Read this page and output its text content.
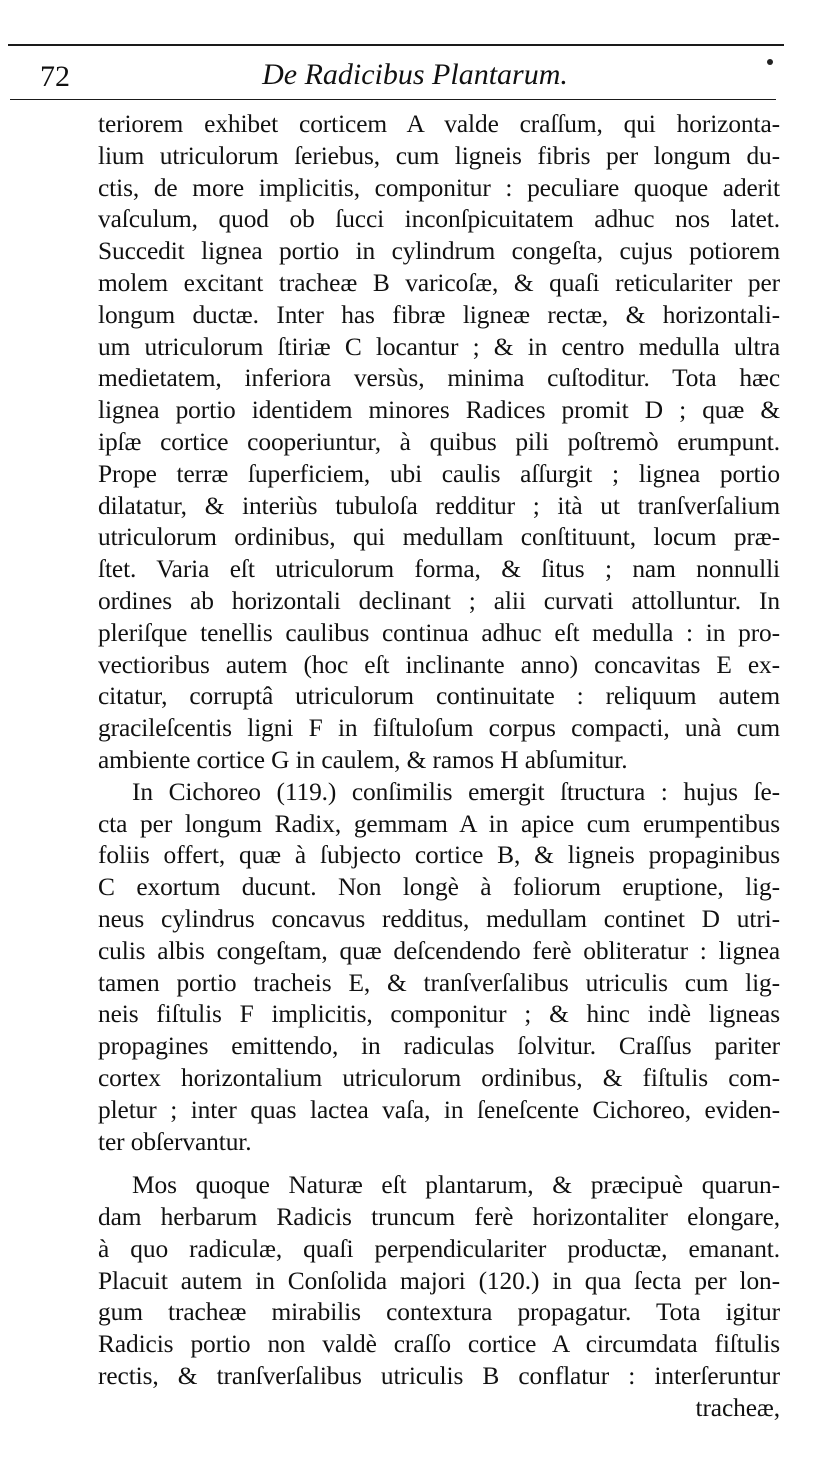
72	De Radicibus Plantarum.
teriorem exhibet corticem A valde craſſum, qui horizonta-
lium utriculorum ſeriebus, cum ligneis fibris per longum du-
ctis, de more implicitis, componitur : peculiare quoque aderit
vaſculum, quod ob ſucci inconſpicuitatem adhuc nos latet.
Succedit lignea portio in cylindrum congeſta, cujus potiorem
molem excitant tracheæ B varicoſæ, & quaſi reticulariter per
longum ductæ. Inter has fibræ ligneæ rectæ, & horizontali-
um utriculorum ſtiriæ C locantur ; & in centro medulla ultra
medietatem, inferiora versùs, minima cuſtoditur. Tota hæc
lignea portio identidem minores Radices promit D ; quæ &
ipſæ cortice cooperiuntur, à quibus pili poſtremò erumpunt.
Prope terræ ſuperficiem, ubi caulis aſſurgit ; lignea portio
dilatatur, & interiùs tubuloſa redditur ; ità ut tranſverſalium
utriculorum ordinibus, qui medullam conſtituunt, locum præ-
ſtet. Varia eſt utriculorum forma, & ſitus ; nam nonnulli
ordines ab horizontali declinant ; alii curvati attolluntur. In
pleriſque tenellis caulibus continua adhuc eſt medulla : in pro-
vectioribus autem (hoc eſt inclinante anno) concavitas E ex-
citatur, corruptâ utriculorum continuitate : reliquum autem
gracileſcentis ligni F in fiſtuloſum corpus compacti, unà cum
ambiente cortice G in caulem, & ramos H abſumitur.
In Cichoreo (119.) conſimilis emergit ſtructura : hujus ſe-
cta per longum Radix, gemmam A in apice cum erumpentibus
foliis offert, quæ à ſubjecto cortice B, & ligneis propaginibus
C exortum ducunt. Non longè à foliorum eruptione, lig-
neus cylindrus concavus redditus, medullam continet D utri-
culis albis congeſtam, quæ deſcendendo ferè obliteratur : lignea
tamen portio tracheis E, & tranſverſalibus utriculis cum lig-
neis fiſtulis F implicitis, componitur ; & hinc indè ligneas
propagines emittendo, in radiculas ſolvitur. Craſſus pariter
cortex horizontalium utriculorum ordinibus, & fiſtulis com-
pletur ; inter quas lactea vaſa, in ſeneſcente Cichoreo, eviden-
ter obſervantur.
Mos quoque Naturæ eſt plantarum, & præcipuè quarun-
dam herbarum Radicis truncum ferè horizontaliter elongare,
à quo radiculæ, quaſi perpendiculariter productæ, emanant.
Placuit autem in Conſolida majori (120.) in qua ſecta per lon-
gum tracheæ mirabilis contextura propagatur. Tota igitur
Radicis portio non valdè craſſo cortice A circumdata fiſtulis
rectis, & tranſverſalibus utriculis B conflatur : interſeruntur
tracheæ,
